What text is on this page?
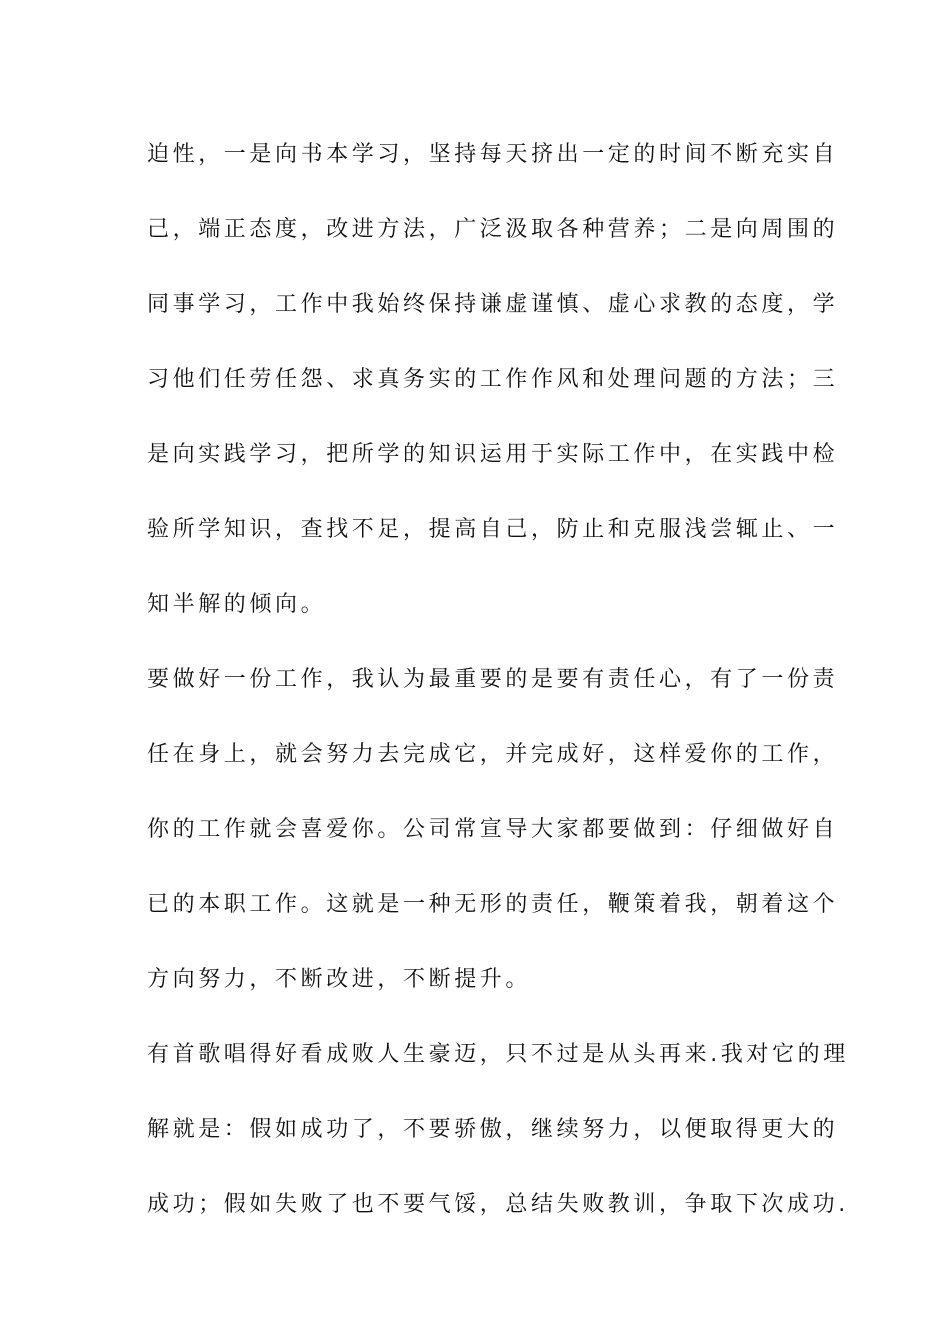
迫性，一是向书本学习，坚持每天挤出一定的时间不断充实自
己，端正态度，改进方法，广泛汲取各种营养；二是向周围的
同事学习，工作中我始终保持谦虚谨慎、虚心求教的态度，学
习他们任劳任怨、求真务实的工作作风和处理问题的方法；三
是向实践学习，把所学的知识运用于实际工作中，在实践中检
验所学知识，查找不足，提高自己，防止和克服浅尝辄止、一
知半解的倾向。
要做好一份工作，我认为最重要的是要有责任心，有了一份责
任在身上，就会努力去完成它，并完成好，这样爱你的工作，
你的工作就会喜爱你。公司常宣导大家都要做到：仔细做好自
已的本职工作。这就是一种无形的责任，鞭策着我，朝着这个
方向努力，不断改进，不断提升。
有首歌唱得好看成败人生豪迈，只不过是从头再来.我对它的理
解就是：假如成功了，不要骄傲，继续努力，以便取得更大的
成功；假如失败了也不要气馁，总结失败教训，争取下次成功.
